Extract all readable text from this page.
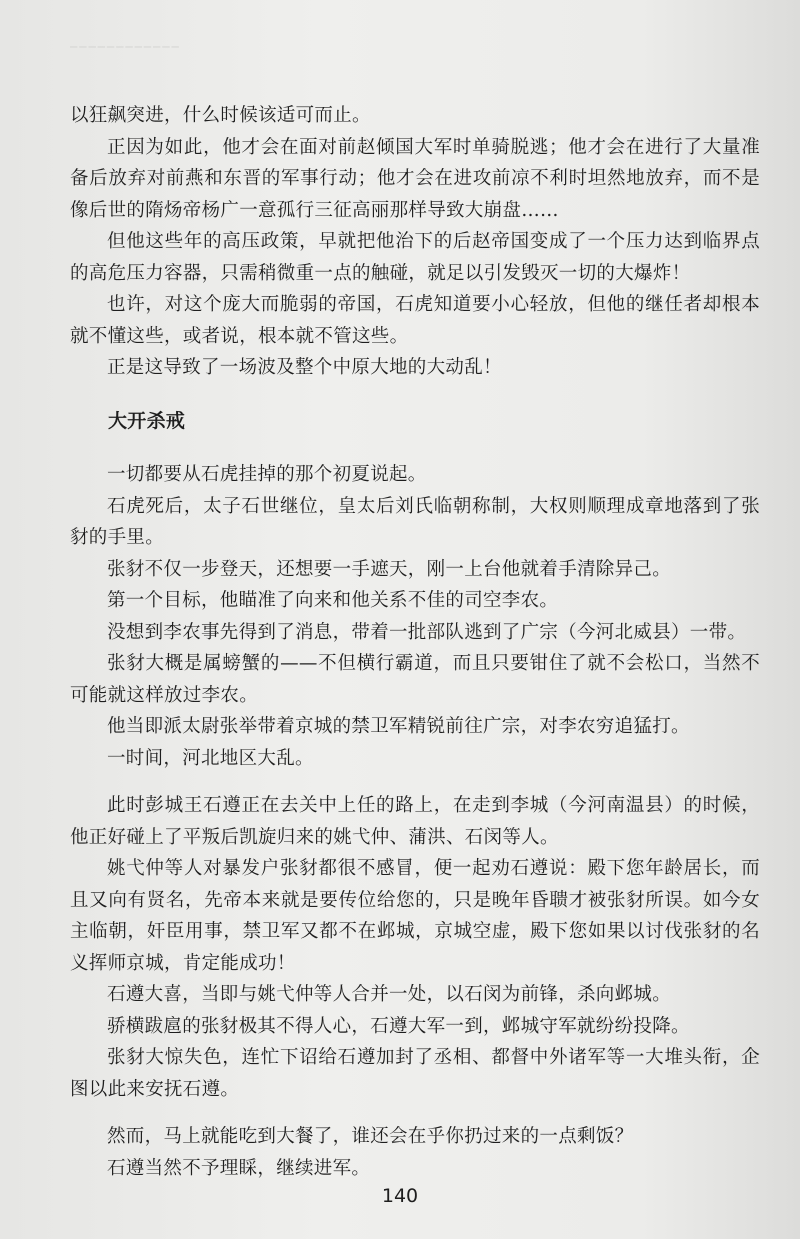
────────────

以狂飙突进，什么时候该适可而止。

正因为如此，他才会在面对前赵倾国大军时单骑脱逃；他才会在进行了大量准备后放弃对前燕和东晋的军事行动；他才会在进攻前凉不利时坦然地放弃，而不是像后世的隋炀帝杨广一意孤行三征高丽那样导致大崩盘……

但他这些年的高压政策，早就把他治下的后赵帝国变成了一个压力达到临界点的高危压力容器，只需稍微重一点的触碰，就足以引发毁灭一切的大爆炸！

也许，对这个庞大而脆弱的帝国，石虎知道要小心轻放，但他的继任者却根本就不懂这些，或者说，根本就不管这些。

正是这导致了一场波及整个中原大地的大动乱！

大开杀戒

一切都要从石虎挂掉的那个初夏说起。

石虎死后，太子石世继位，皇太后刘氏临朝称制，大权则顺理成章地落到了张豺的手里。

张豺不仅一步登天，还想要一手遮天，刚一上台他就着手清除异己。

第一个目标，他瞄准了向来和他关系不佳的司空李农。

没想到李农事先得到了消息，带着一批部队逃到了广宗（今河北威县）一带。

张豺大概是属螃蟹的——不但横行霸道，而且只要钳住了就不会松口，当然不可能就这样放过李农。

他当即派太尉张举带着京城的禁卫军精锐前往广宗，对李农穷追猛打。

一时间，河北地区大乱。

此时彭城王石遵正在去关中上任的路上，在走到李城（今河南温县）的时候，他正好碰上了平叛后凯旋归来的姚弋仲、蒲洪、石闵等人。

姚弋仲等人对暴发户张豺都很不感冒，便一起劝石遵说：殿下您年龄居长，而且又向有贤名，先帝本来就是要传位给您的，只是晚年昏聩才被张豺所误。如今女主临朝，奸臣用事，禁卫军又都不在邺城，京城空虚，殿下您如果以讨伐张豺的名义挥师京城，肯定能成功！

石遵大喜，当即与姚弋仲等人合并一处，以石闵为前锋，杀向邺城。

骄横跋扈的张豺极其不得人心，石遵大军一到，邺城守军就纷纷投降。

张豺大惊失色，连忙下诏给石遵加封了丞相、都督中外诸军等一大堆头衔，企图以此来安抚石遵。

然而，马上就能吃到大餐了，谁还会在乎你扔过来的一点剩饭？

石遵当然不予理睬，继续进军。

140
